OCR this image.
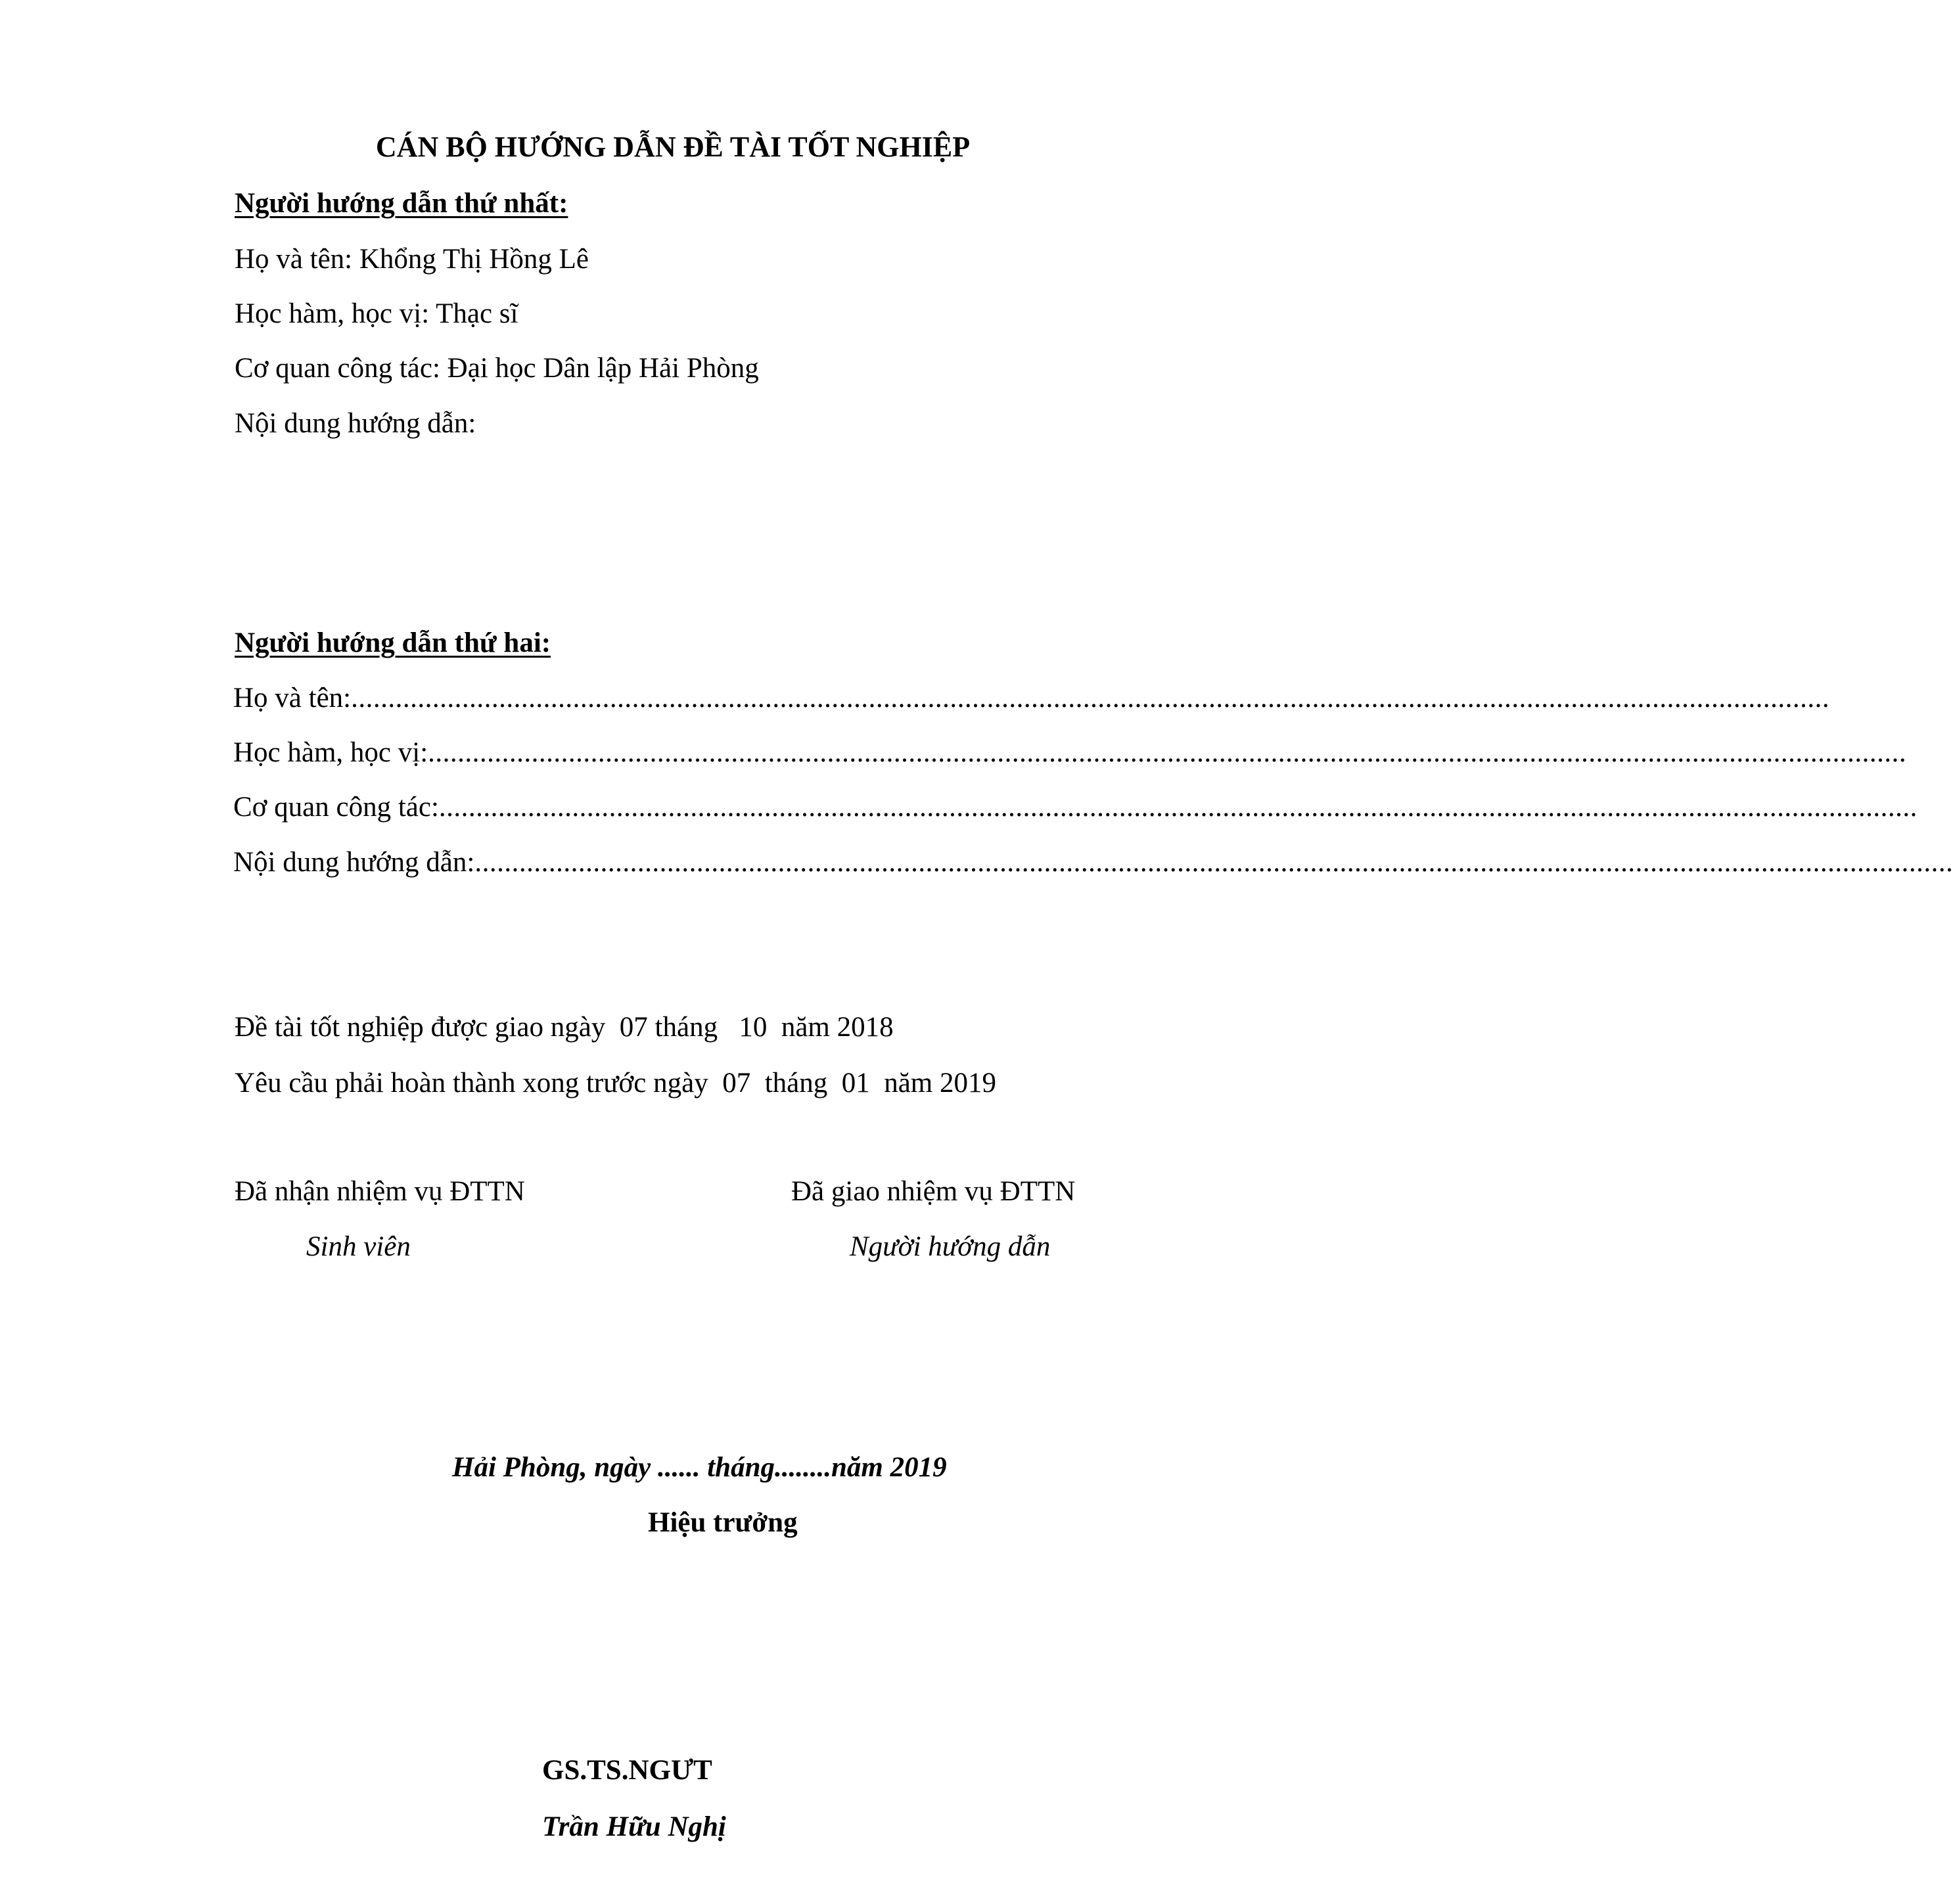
CÁN BỘ HƯỚNG DẪN ĐỀ TÀI TỐT NGHIỆP
Người hướng dẫn thứ nhất:
Họ và tên: Khổng Thị Hồng Lê
Học hàm, học vị: Thạc sĩ
Cơ quan công tác: Đại học Dân lập Hải Phòng
Nội dung hướng dẫn:
Người hướng dẫn thứ hai:
Họ và tên: ........................................................................................................................................................................................................
Học hàm, học vị: ........................................................................................................................................................................................................
Cơ quan công tác: ........................................................................................................................................................................................................
Nội dung hướng dẫn: ........................................................................................................................................................................................................
Đề tài tốt nghiệp được giao ngày  07 tháng   10  năm 2018
Yêu cầu phải hoàn thành xong trước ngày  07  tháng  01  năm 2019
Đã nhận nhiệm vụ ĐTTN
Sinh viên
Đã giao nhiệm vụ ĐTTN
Người hướng dẫn
Hải Phòng, ngày ...... tháng........năm 2019
Hiệu trưởng

GS.TS.NGƯT

Trần Hữu Nghị
